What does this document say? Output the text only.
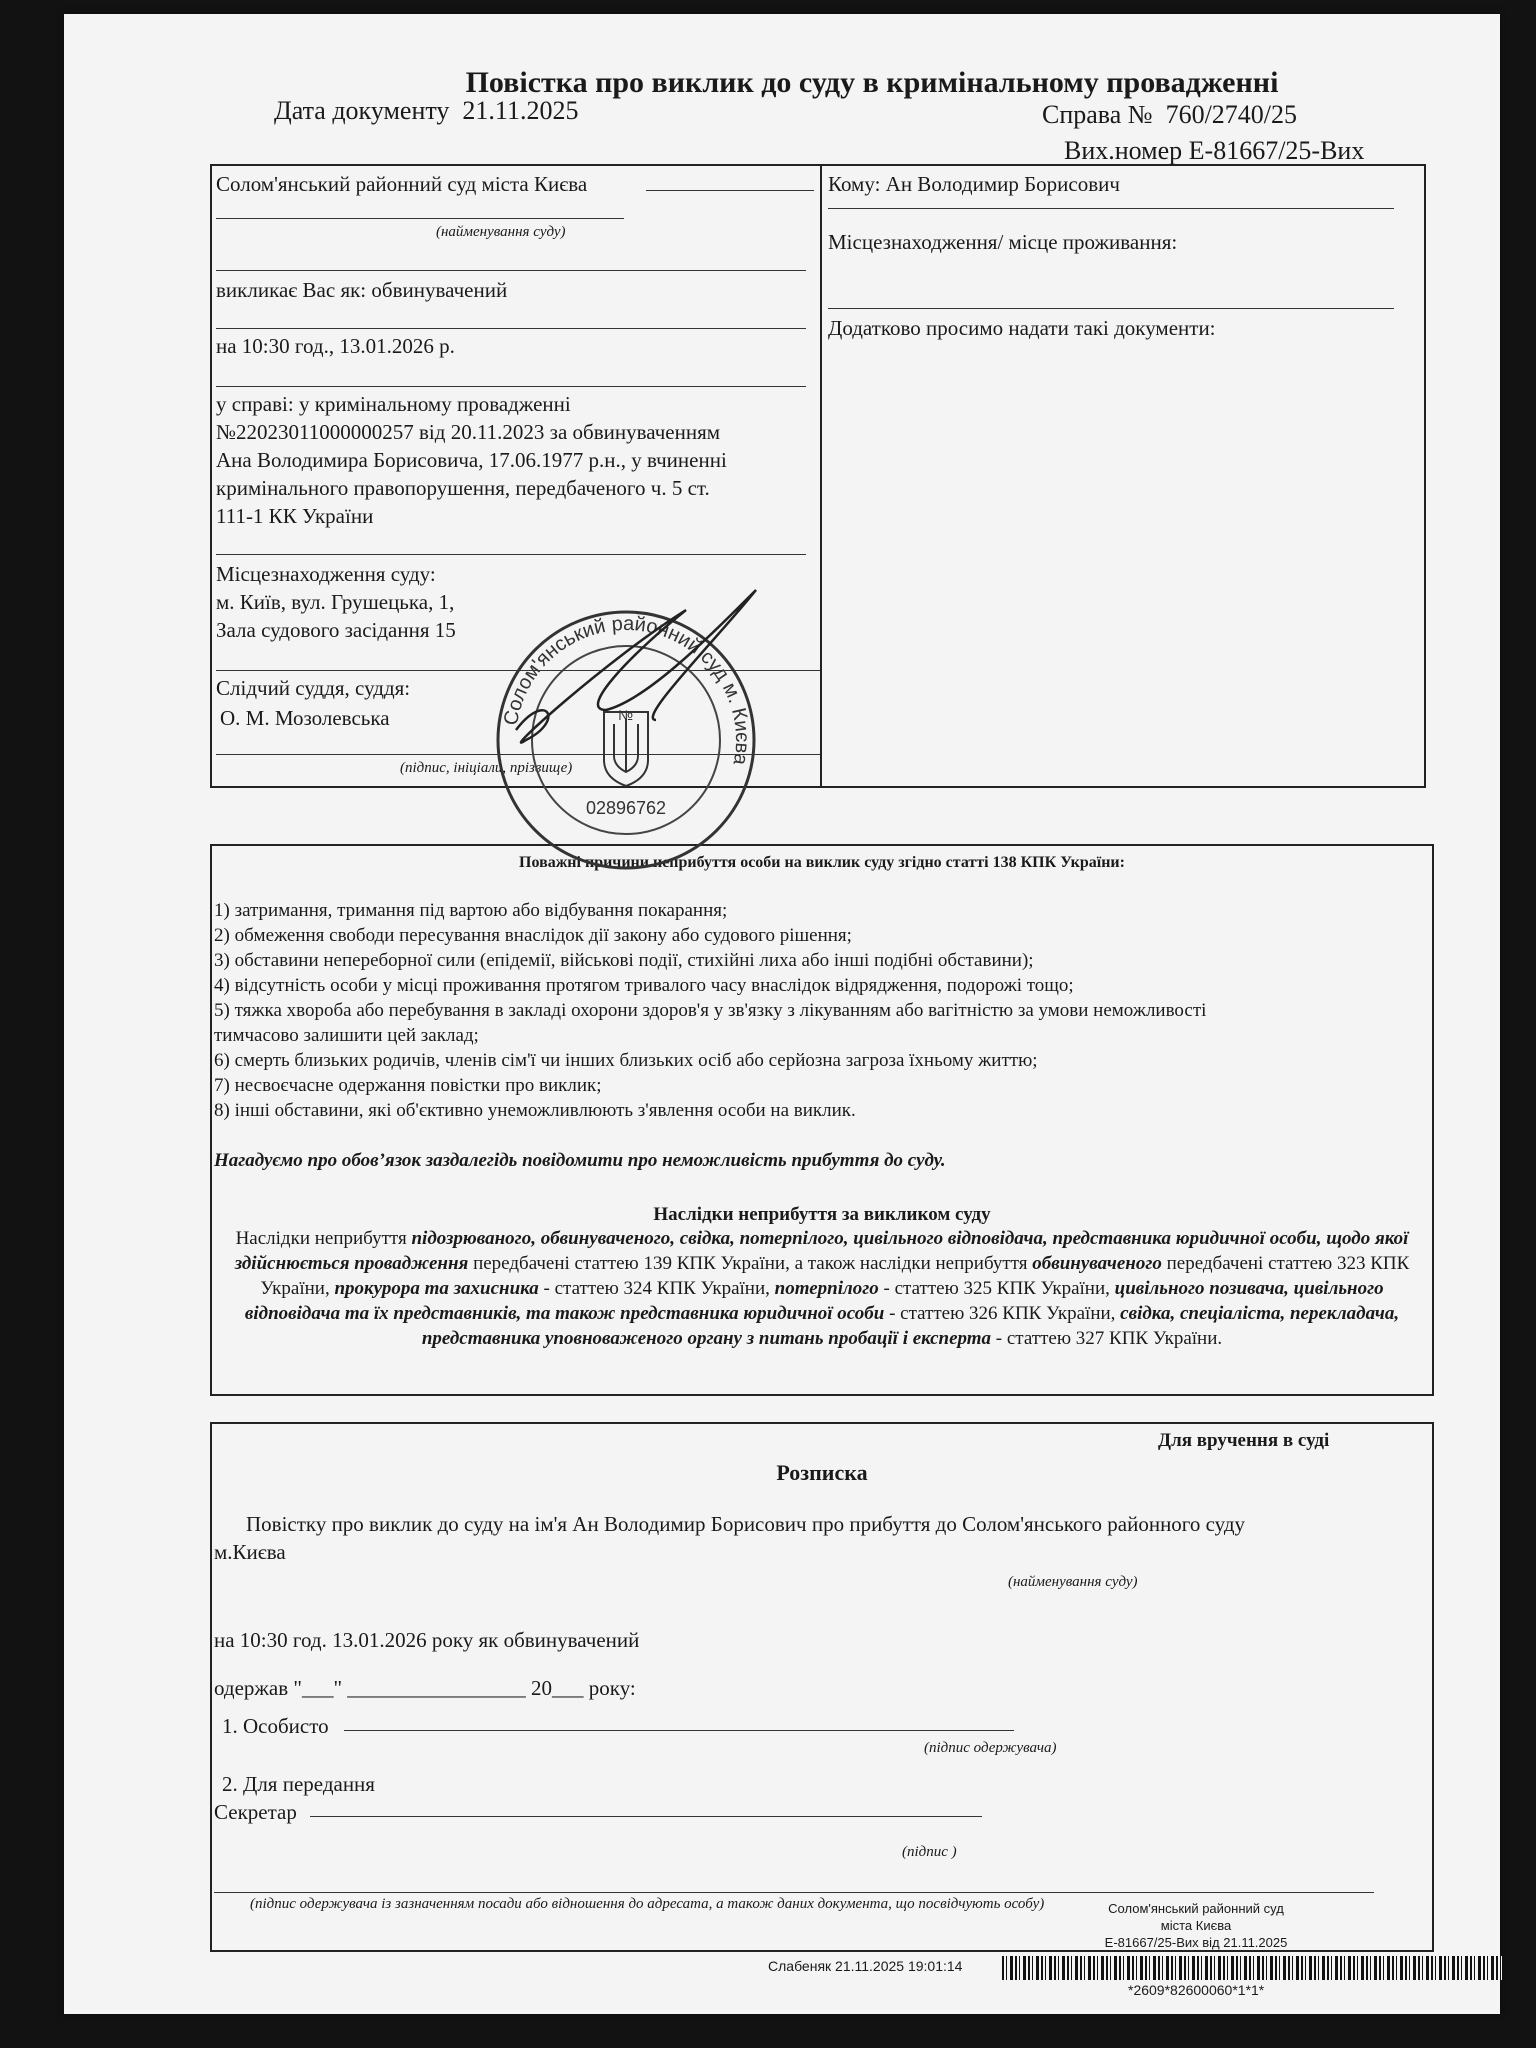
Повістка про виклик до суду в кримінальному провадженні
Дата документу 21.11.2025	Справа № 760/2740/25
Вих.номер E-81667/25-Вих
Солом'янський районний суд міста Києва
(найменування суду)
викликає Вас як: обвинувачений
на 10:30 год., 13.01.2026 р.
у справі: у кримінальному провадженні
№22023011000000257 від 20.11.2023 за обвинуваченням
Ана Володимира Борисовича, 17.06.1977 р.н., у вчиненні
кримінального правопорушення, передбаченого ч. 5 ст.
111-1 КК України
Місцезнаходження суду:
м. Київ, вул. Грушецька, 1,
Зала судового засідання 15
Слідчий суддя, суддя:
О. М. Мозолевська
(підпис, ініціали, прізвище)
Кому: Ан Володимир Борисович
Місцезнаходження/ місце проживання:
Додатково просимо надати такі документи:
Поважні причини неприбуття особи на виклик суду згідно статті 138 КПК України:
1) затримання, тримання під вартою або відбування покарання;
2) обмеження свободи пересування внаслідок дії закону або судового рішення;
3) обставини непереборної сили (епідемії, військові події, стихійні лиха або інші подібні обставини);
4) відсутність особи у місці проживання протягом тривалого часу внаслідок відрядження, подорожі тощо;
5) тяжка хвороба або перебування в закладі охорони здоров'я у зв'язку з лікуванням або вагітністю за умови неможливості
тимчасово залишити цей заклад;
6) смерть близьких родичів, членів сім'ї чи інших близьких осіб або серйозна загроза їхньому життю;
7) несвоєчасне одержання повістки про виклик;
8) інші обставини, які об'єктивно унеможливлюють з'явлення особи на виклик.
Нагадуємо про обов’язок заздалегідь повідомити про неможливість прибуття до суду.
Наслідки неприбуття за викликом суду
Наслідки неприбуття підозрюваного, обвинуваченого, свідка, потерпілого, цивільного відповідача, представника юридичної особи, щодо якої здійснюється провадження передбачені статтею 139 КПК України, а також наслідки неприбуття обвинуваченого передбачені статтею 323 КПК України, прокурора та захисника - статтею 324 КПК України, потерпілого - статтею 325 КПК України, цивільного позивача, цивільного відповідача та їх представників, та також представника юридичної особи - статтею 326 КПК України, свідка, спеціаліста, перекладача, представника уповноваженого органу з питань пробації і експерта - статтею 327 КПК України.
Для вручення в суді
Розписка
Повістку про виклик до суду на ім'я Ан Володимир Борисович про прибуття до Солом'янського районного суду
м.Києва
(найменування суду)
на 10:30 год. 13.01.2026 року як обвинувачений
одержав "___" _________________ 20___ року:
1. Особисто
(підпис одержувача)
2. Для передання
Секретар
(підпис )
(підпис одержувача із зазначенням посади або відношення до адресата, а також даних документа, що посвідчують особу)	Солом'янський районний суд
міста Києва
E-81667/25-Вих від 21.11.2025
Слабеняк 21.11.2025 19:01:14
*2609*82600060*1*1*
Солом'янський районний суд м. Києва
№
02896762
